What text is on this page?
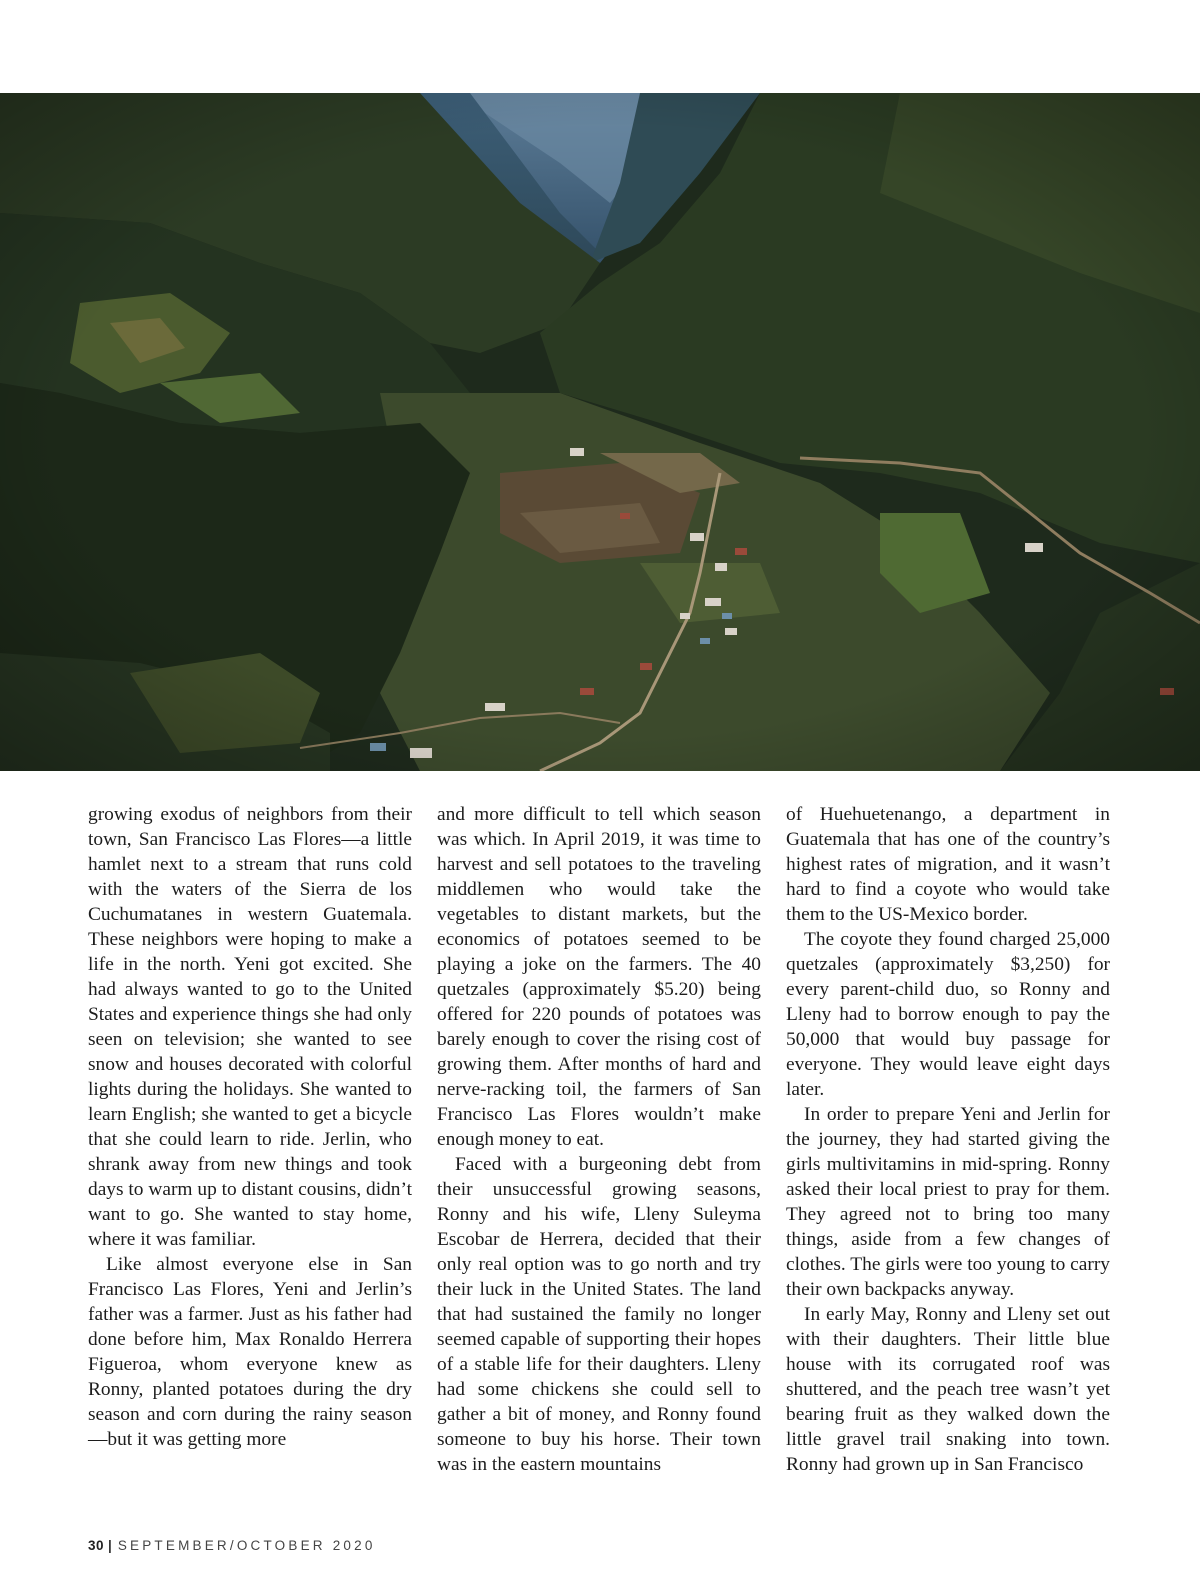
growing exodus of neighbors from their town, San Francisco Las Flores—a little hamlet next to a stream that runs cold with the waters of the Sierra de los Cuchumatanes in western Guatemala. These neighbors were hoping to make a life in the north. Yeni got excited. She had always wanted to go to the United States and experience things she had only seen on television; she wanted to see snow and houses decorated with colorful lights during the holidays. She wanted to learn English; she wanted to get a bicycle that she could learn to ride. Jerlin, who shrank away from new things and took days to warm up to distant cousins, didn’t want to go. She wanted to stay home, where it was familiar.

Like almost everyone else in San Francisco Las Flores, Yeni and Jerlin’s father was a farmer. Just as his father had done before him, Max Ronaldo Herrera Figueroa, whom everyone knew as Ronny, planted potatoes during the dry season and corn during the rainy season—but it was getting more

and more difficult to tell which season was which. In April 2019, it was time to harvest and sell potatoes to the traveling middlemen who would take the vegetables to distant markets, but the economics of potatoes seemed to be playing a joke on the farmers. The 40 quetzales (approximately $5.20) being offered for 220 pounds of potatoes was barely enough to cover the rising cost of growing them. After months of hard and nerve-racking toil, the farmers of San Francisco Las Flores wouldn’t make enough money to eat.

Faced with a burgeoning debt from their unsuccessful growing seasons, Ronny and his wife, Lleny Suleyma Escobar de Herrera, decided that their only real option was to go north and try their luck in the United States. The land that had sustained the family no longer seemed capable of supporting their hopes of a stable life for their daughters. Lleny had some chickens she could sell to gather a bit of money, and Ronny found someone to buy his horse. Their town was in the eastern mountains

of Huehuetenango, a department in Guatemala that has one of the country’s highest rates of migration, and it wasn’t hard to find a coyote who would take them to the US-Mexico border.

The coyote they found charged 25,000 quetzales (approximately $3,250) for every parent-child duo, so Ronny and Lleny had to borrow enough to pay the 50,000 that would buy passage for everyone. They would leave eight days later.

In order to prepare Yeni and Jerlin for the journey, they had started giving the girls multivitamins in mid-spring. Ronny asked their local priest to pray for them. They agreed not to bring too many things, aside from a few changes of clothes. The girls were too young to carry their own backpacks anyway.

In early May, Ronny and Lleny set out with their daughters. Their little blue house with its corrugated roof was shuttered, and the peach tree wasn’t yet bearing fruit as they walked down the little gravel trail snaking into town. Ronny had grown up in San Francisco

30 | SEPTEMBER/OCTOBER 2020
